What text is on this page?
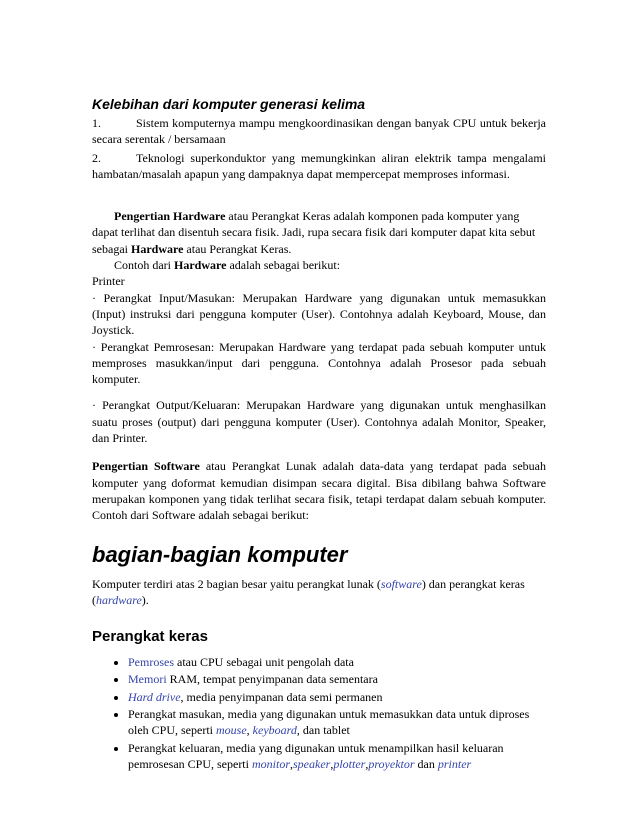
Kelebihan dari komputer generasi kelima
1.	Sistem komputernya mampu mengkoordinasikan dengan banyak CPU untuk bekerja secara serentak / bersamaan

2.	Teknologi superkonduktor yang memungkinkan aliran elektrik tampa mengalami hambatan/masalah apapun yang dampaknya dapat mempercepat memproses informasi.

Pengertian Hardware atau Perangkat Keras adalah komponen pada komputer yang dapat terlihat dan disentuh secara fisik. Jadi, rupa secara fisik dari komputer dapat kita sebut sebagai Hardware atau Perangkat Keras.

Contoh dari Hardware adalah sebagai berikut:

Printer

· Perangkat Input/Masukan: Merupakan Hardware yang digunakan untuk memasukkan (Input) instruksi dari pengguna komputer (User). Contohnya adalah Keyboard, Mouse, dan Joystick.

· Perangkat Pemrosesan: Merupakan Hardware yang terdapat pada sebuah komputer untuk memproses masukkan/input dari pengguna. Contohnya adalah Prosesor pada sebuah komputer.

· Perangkat Output/Keluaran: Merupakan Hardware yang digunakan untuk menghasilkan suatu proses (output) dari pengguna komputer (User). Contohnya adalah Monitor, Speaker, dan Printer.

Pengertian Software atau Perangkat Lunak adalah data-data yang terdapat pada sebuah komputer yang doformat kemudian disimpan secara digital. Bisa dibilang bahwa Software merupakan komponen yang tidak terlihat secara fisik, tetapi terdapat dalam sebuah komputer. Contoh dari Software adalah sebagai berikut:

bagian-bagian komputer

Komputer terdiri atas 2 bagian besar yaitu perangkat lunak (software) dan perangkat keras (hardware).

Perangkat keras
• Pemroses atau CPU sebagai unit pengolah data
• Memori RAM, tempat penyimpanan data sementara
• Hard drive, media penyimpanan data semi permanen
• Perangkat masukan, media yang digunakan untuk memasukkan data untuk diproses oleh CPU, seperti mouse, keyboard, dan tablet
• Perangkat keluaran, media yang digunakan untuk menampilkan hasil keluaran pemrosesan CPU, seperti monitor,speaker,plotter,proyektor dan printer
